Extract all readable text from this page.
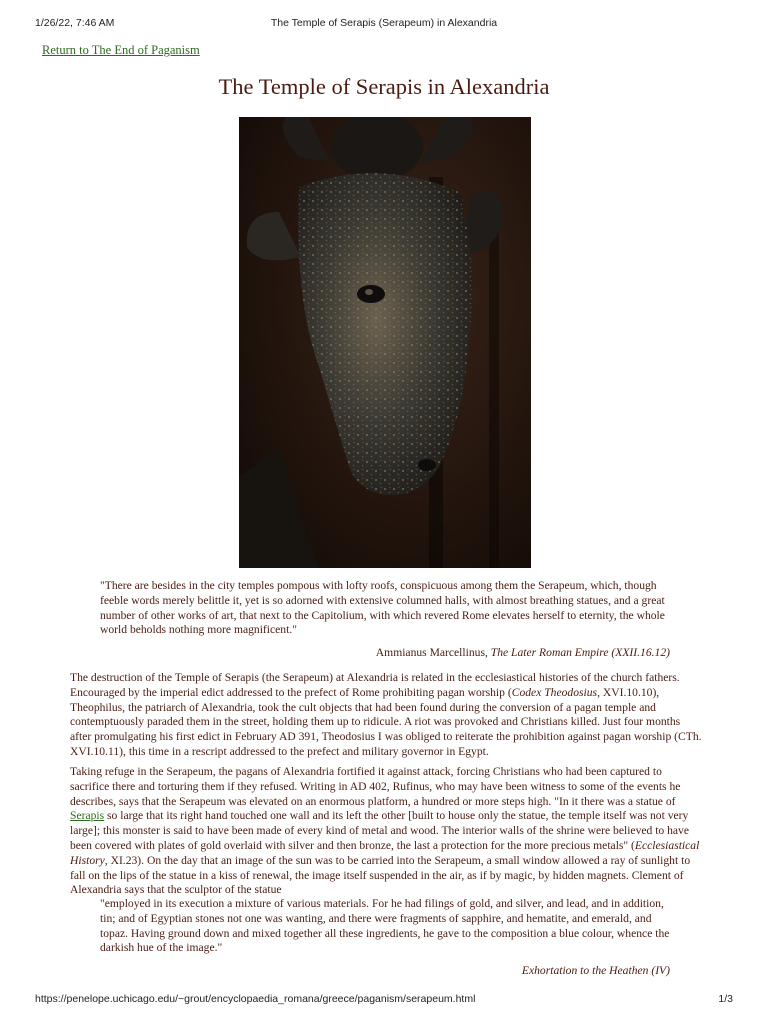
1/26/22, 7:46 AM	The Temple of Serapis (Serapeum) in Alexandria
Return to The End of Paganism
The Temple of Serapis in Alexandria

"There are besides in the city temples pompous with lofty roofs, conspicuous among them the Serapeum, which, though feeble words merely belittle it, yet is so adorned with extensive columned halls, with almost breathing statues, and a great number of other works of art, that next to the Capitolium, with which revered Rome elevates herself to eternity, the whole world beholds nothing more magnificent."

Ammianus Marcellinus, The Later Roman Empire (XXII.16.12)

The destruction of the Temple of Serapis (the Serapeum) at Alexandria is related in the ecclesiastical histories of the church fathers. Encouraged by the imperial edict addressed to the prefect of Rome prohibiting pagan worship (Codex Theodosius, XVI.10.10), Theophilus, the patriarch of Alexandria, took the cult objects that had been found during the conversion of a pagan temple and contemptuously paraded them in the street, holding them up to ridicule. A riot was provoked and Christians killed. Just four months after promulgating his first edict in February AD 391, Theodosius I was obliged to reiterate the prohibition against pagan worship (CTh. XVI.10.11), this time in a rescript addressed to the prefect and military governor in Egypt.

Taking refuge in the Serapeum, the pagans of Alexandria fortified it against attack, forcing Christians who had been captured to sacrifice there and torturing them if they refused. Writing in AD 402, Rufinus, who may have been witness to some of the events he describes, says that the Serapeum was elevated on an enormous platform, a hundred or more steps high. "In it there was a statue of Serapis so large that its right hand touched one wall and its left the other [built to house only the statue, the temple itself was not very large]; this monster is said to have been made of every kind of metal and wood. The interior walls of the shrine were believed to have been covered with plates of gold overlaid with silver and then bronze, the last a protection for the more precious metals" (Ecclesiastical History, XI.23). On the day that an image of the sun was to be carried into the Serapeum, a small window allowed a ray of sunlight to fall on the lips of the statue in a kiss of renewal, the image itself suspended in the air, as if by magic, by hidden magnets. Clement of Alexandria says that the sculptor of the statue

"employed in its execution a mixture of various materials. For he had filings of gold, and silver, and lead, and in addition, tin; and of Egyptian stones not one was wanting, and there were fragments of sapphire, and hematite, and emerald, and topaz. Having ground down and mixed together all these ingredients, he gave to the composition a blue colour, whence the darkish hue of the image."

Exhortation to the Heathen (IV)

https://penelope.uchicago.edu/~grout/encyclopaedia_romana/greece/paganism/serapeum.html	1/3
